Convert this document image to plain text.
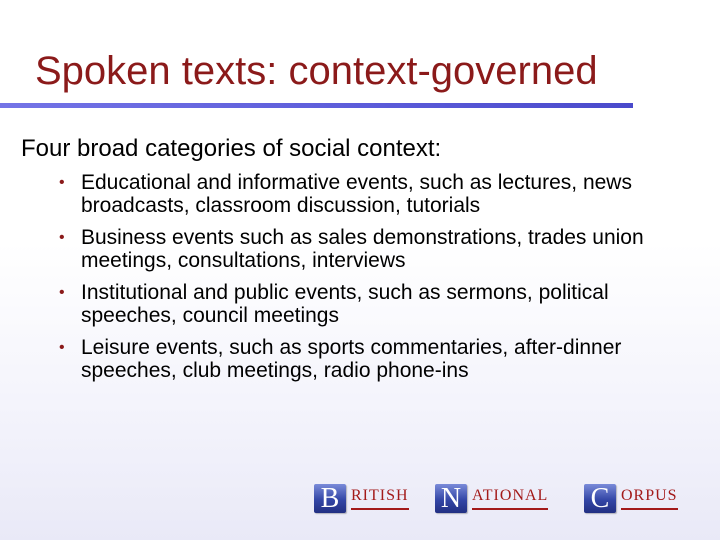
Spoken texts: context-governed

Four broad categories of social context:

• Educational and informative events, such as lectures, news broadcasts, classroom discussion, tutorials
• Business events such as sales demonstrations, trades union meetings, consultations, interviews
• Institutional and public events, such as sermons, political speeches, council meetings
• Leisure events, such as sports commentaries, after-dinner speeches, club meetings, radio phone-ins
B RITISH N ATIONAL C ORPUS
